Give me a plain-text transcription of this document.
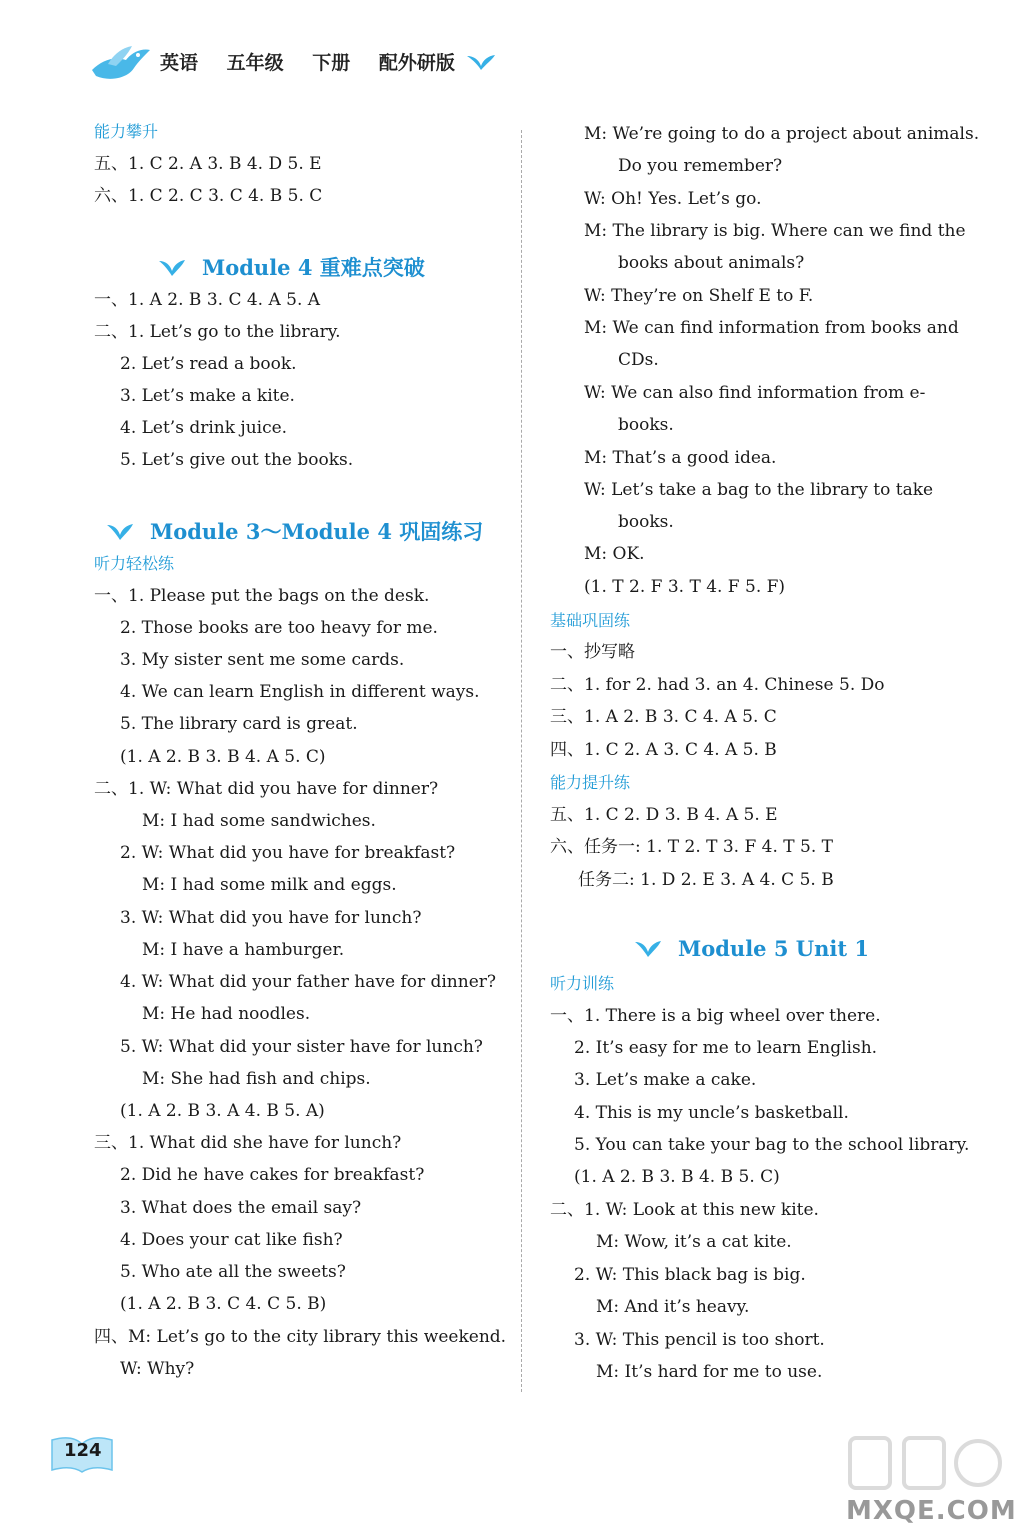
英语 五年级 下册 配外研版
能力攀升
五、1. C 2. A 3. B 4. D 5. E
六、1. C 2. C 3. C 4. B 5. C
Module 4 重难点突破
一、1. A 2. B 3. C 4. A 5. A
二、1. Let’s go to the library.
2. Let’s read a book.
3. Let’s make a kite.
4. Let’s drink juice.
5. Let’s give out the books.
Module 3～Module 4 巩固练习
听力轻松练
一、1. Please put the bags on the desk.
2. Those books are too heavy for me.
3. My sister sent me some cards.
4. We can learn English in different ways.
5. The library card is great.
(1. A 2. B 3. B 4. A 5. C)
二、1. W: What did you have for dinner?
M: I had some sandwiches.
2. W: What did you have for breakfast?
M: I had some milk and eggs.
3. W: What did you have for lunch?
M: I have a hamburger.
4. W: What did your father have for dinner?
M: He had noodles.
5. W: What did your sister have for lunch?
M: She had fish and chips.
(1. A 2. B 3. A 4. B 5. A)
三、1. What did she have for lunch?
2. Did he have cakes for breakfast?
3. What does the email say?
4. Does your cat like fish?
5. Who ate all the sweets?
(1. A 2. B 3. C 4. C 5. B)
四、M: Let’s go to the city library this weekend.
W: Why?
M: We’re going to do a project about animals.
Do you remember?
W: Oh! Yes. Let’s go.
M: The library is big. Where can we find the
books about animals?
W: They’re on Shelf E to F.
M: We can find information from books and
CDs.
W: We can also find information from e-
books.
M: That’s a good idea.
W: Let’s take a bag to the library to take
books.
M: OK.
(1. T 2. F 3. T 4. F 5. F)
基础巩固练
一、抄写略
二、1. for 2. had 3. an 4. Chinese 5. Do
三、1. A 2. B 3. C 4. A 5. C
四、1. C 2. A 3. C 4. A 5. B
能力提升练
五、1. C 2. D 3. B 4. A 5. E
六、任务一: 1. T 2. T 3. F 4. T 5. T
任务二: 1. D 2. E 3. A 4. C 5. B
Module 5 Unit 1
听力训练
一、1. There is a big wheel over there.
2. It’s easy for me to learn English.
3. Let’s make a cake.
4. This is my uncle’s basketball.
5. You can take your bag to the school library.
(1. A 2. B 3. B 4. B 5. C)
二、1. W: Look at this new kite.
M: Wow, it’s a cat kite.
2. W: This black bag is big.
M: And it’s heavy.
3. W: This pencil is too short.
M: It’s hard for me to use.
124
MXQE.COM
